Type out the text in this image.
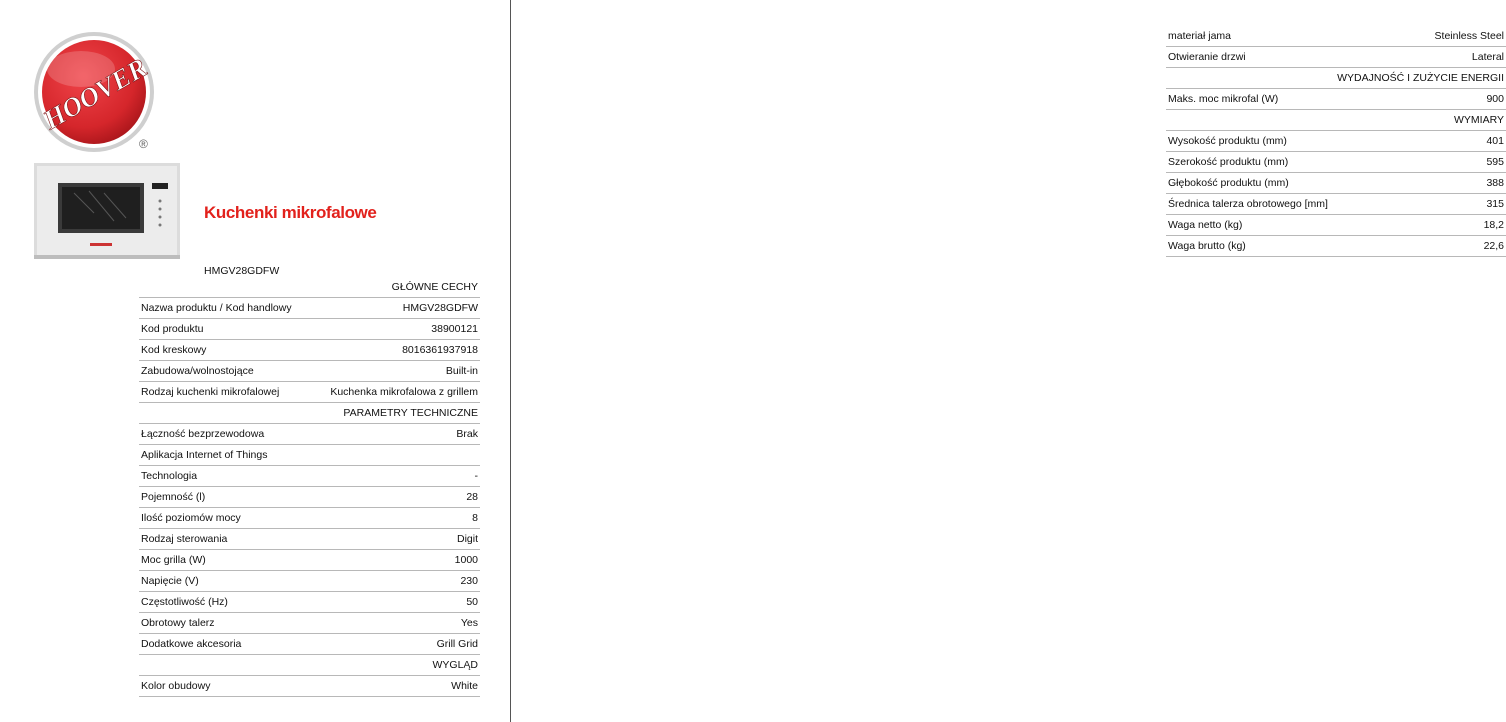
HOOVER
®
Kuchenki mikrofalowe
HMGV28GDFW
GŁÓWNE CECHY	
Nazwa produktu / Kod handlowy	HMGV28GDFW
Kod produktu	38900121
Kod kreskowy	8016361937918
Zabudowa/wolnostojące	Built-in
Rodzaj kuchenki mikrofalowej	Kuchenka mikrofalowa z grillem
PARAMETRY TECHNICZNE	
Łączność bezprzewodowa	Brak
Aplikacja Internet of Things	
Technologia	-
Pojemność (l)	28
Ilość poziomów mocy	8
Rodzaj sterowania	Digit
Moc grilla (W)	1000
Napięcie (V)	230
Częstotliwość (Hz)	50
Obrotowy talerz	Yes
Dodatkowe akcesoria	Grill Grid
WYGLĄD	
Kolor obudowy	White
materiał jama	Steinless Steel
Otwieranie drzwi	Lateral
WYDAJNOŚĆ I ZUŻYCIE ENERGII	
Maks. moc mikrofal (W)	900
WYMIARY	
Wysokość produktu (mm)	401
Szerokość produktu (mm)	595
Głębokość produktu (mm)	388
Średnica talerza obrotowego [mm]	315
Waga netto (kg)	18,2
Waga brutto (kg)	22,6
